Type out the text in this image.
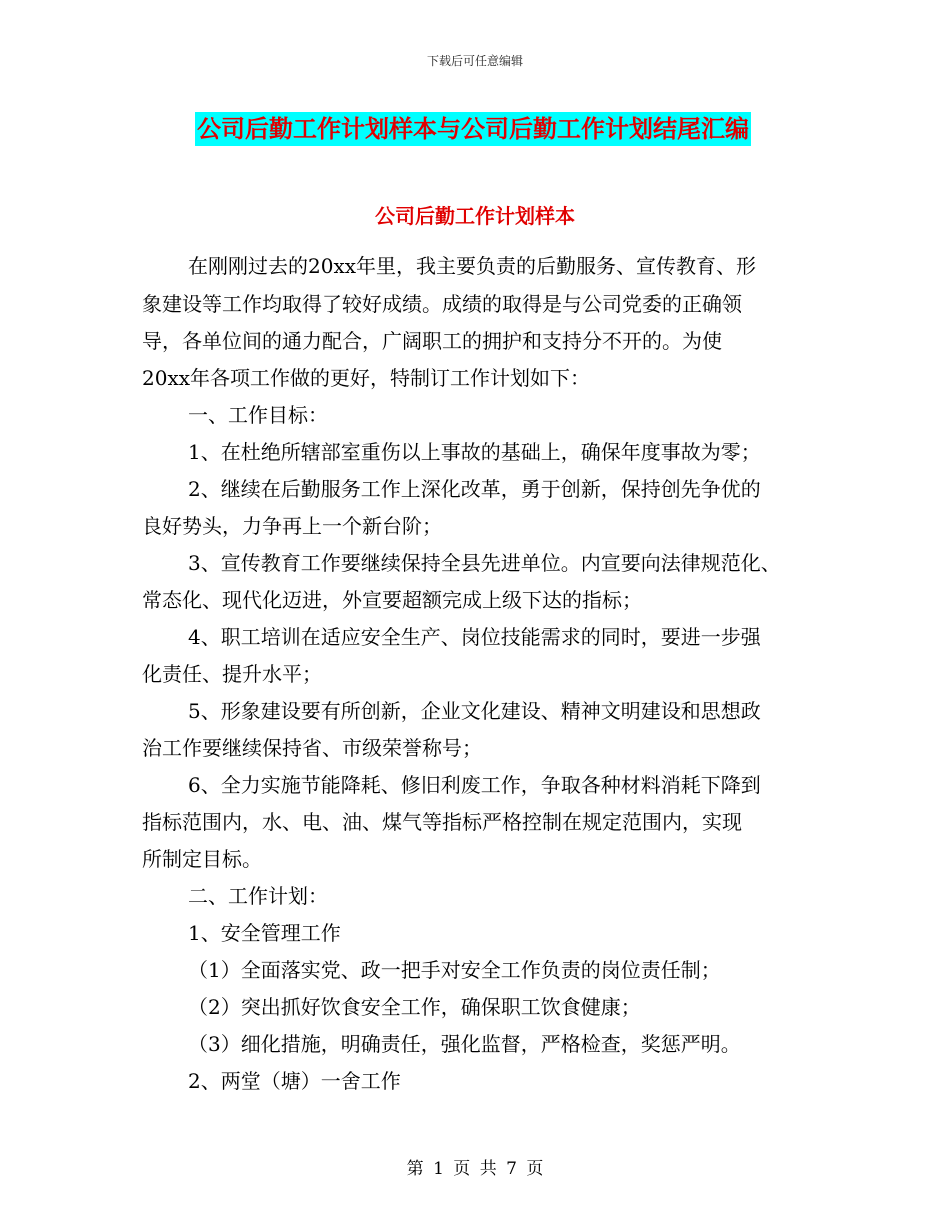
下载后可任意编辑
公司后勤工作计划样本与公司后勤工作计划结尾汇编
公司后勤工作计划样本
在刚刚过去的20xx年里，我主要负责的后勤服务、宣传教育、形
象建设等工作均取得了较好成绩。成绩的取得是与公司党委的正确领
导，各单位间的通力配合，广阔职工的拥护和支持分不开的。为使
20xx年各项工作做的更好，特制订工作计划如下：
一、工作目标：
1、在杜绝所辖部室重伤以上事故的基础上，确保年度事故为零；
2、继续在后勤服务工作上深化改革，勇于创新，保持创先争优的
良好势头，力争再上一个新台阶；
3、宣传教育工作要继续保持全县先进单位。内宣要向法律规范化、
常态化、现代化迈进，外宣要超额完成上级下达的指标；
4、职工培训在适应安全生产、岗位技能需求的同时，要进一步强
化责任、提升水平；
5、形象建设要有所创新，企业文化建设、精神文明建设和思想政
治工作要继续保持省、市级荣誉称号；
6、全力实施节能降耗、修旧利废工作，争取各种材料消耗下降到
指标范围内，水、电、油、煤气等指标严格控制在规定范围内，实现
所制定目标。
二、工作计划：
1、安全管理工作
（1）全面落实党、政一把手对安全工作负责的岗位责任制；
（2）突出抓好饮食安全工作，确保职工饮食健康；
（3）细化措施，明确责任，强化监督，严格检查，奖惩严明。
2、两堂（塘）一舍工作
第 1 页 共 7 页
